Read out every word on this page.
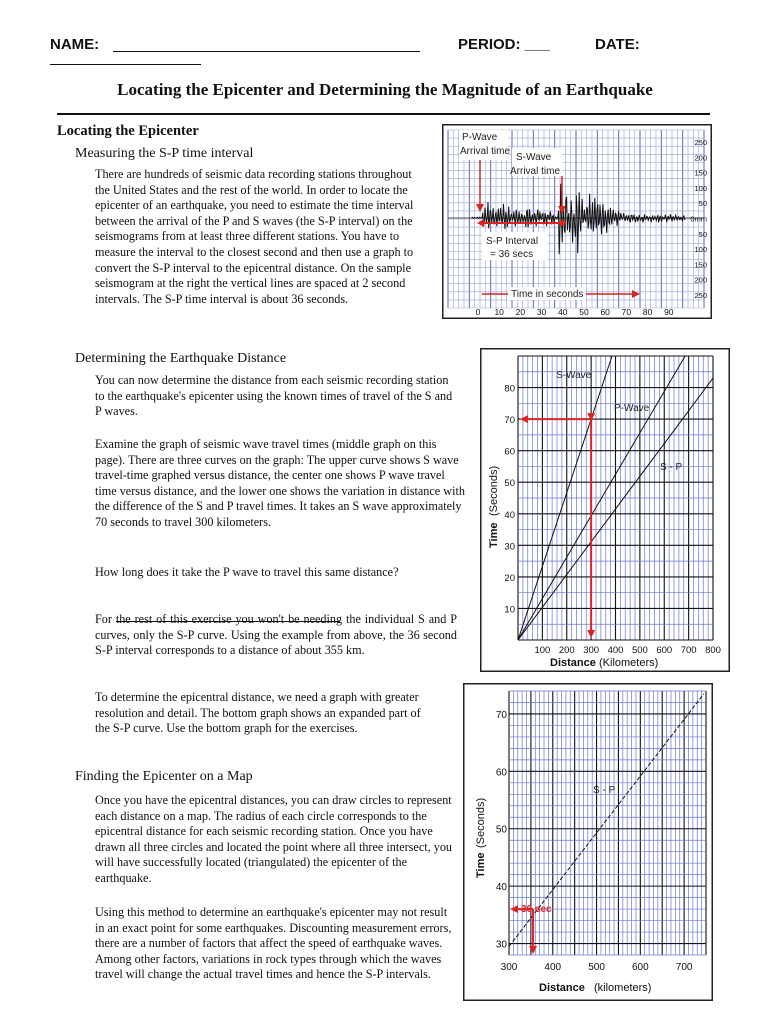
NAME:	PERIOD: ___	DATE:
Locating the Epicenter and Determining the Magnitude of an Earthquake
Locating the Epicenter
Measuring the S-P time interval

There are hundreds of seismic data recording stations throughout the United States and the rest of the world. In order to locate the epicenter of an earthquake, you need to estimate the time interval between the arrival of the P and S waves (the S-P interval) on the seismograms from at least three different stations. You have to measure the interval to the closest second and then use a graph to convert the S-P interval to the epicentral distance. On the sample seismogram at the right the vertical lines are spaced at 2 second intervals. The S-P time interval is about 36 seconds.

Determining the Earthquake Distance

You can now determine the distance from each seismic recording station to the earthquake's epicenter using the known times of travel of the S and P waves.

Examine the graph of seismic wave travel times (middle graph on this page). There are three curves on the graph: The upper curve shows S wave travel-time graphed versus distance, the center one shows P wave travel time versus distance, and the lower one shows the variation in distance with the difference of the S and P travel times. It takes an S wave approximately 70 seconds to travel 300 kilometers.

How long does it take the P wave to travel this same distance?

For the rest of this exercise you won't be needing the individual S and P curves, only the S-P curve. Using the example from above, the 36 second S-P interval corresponds to a distance of about 355 km.

To determine the epicentral distance, we need a graph with greater resolution and detail. The bottom graph shows an expanded part of the S-P curve. Use the bottom graph for the exercises.

Finding the Epicenter on a Map

Once you have the epicentral distances, you can draw circles to represent each distance on a map. The radius of each circle corresponds to the epicentral distance for each seismic recording station. Once you have drawn all three circles and located the point where all three intersect, you will have successfully located (triangulated) the epicenter of the earthquake.

Using this method to determine an earthquake's epicenter may not result in an exact point for some earthquakes. Discounting measurement errors, there are a number of factors that affect the speed of earthquake waves. Among other factors, variations in rock types through which the waves travel will change the actual travel times and hence the S-P intervals.

0 10 20 30 40 50 60 70 80 90
250
200
150
100
50
0mm
50
100
150
200
250
P-Wave
Arrival time
S-Wave
Arrival time
S-P Interval
= 36 secs
Time in seconds
100 200 300 400 500 600 700 800
10
20
30
40
50
60
70
80
S-Wave
P-Wave
S - P
Time
(Seconds)
Distance (Kilometers)
300	400	500	600	700
30
40
50
60
70
S - P
36 sec
Time
(Seconds)
Distance (kilometers)
